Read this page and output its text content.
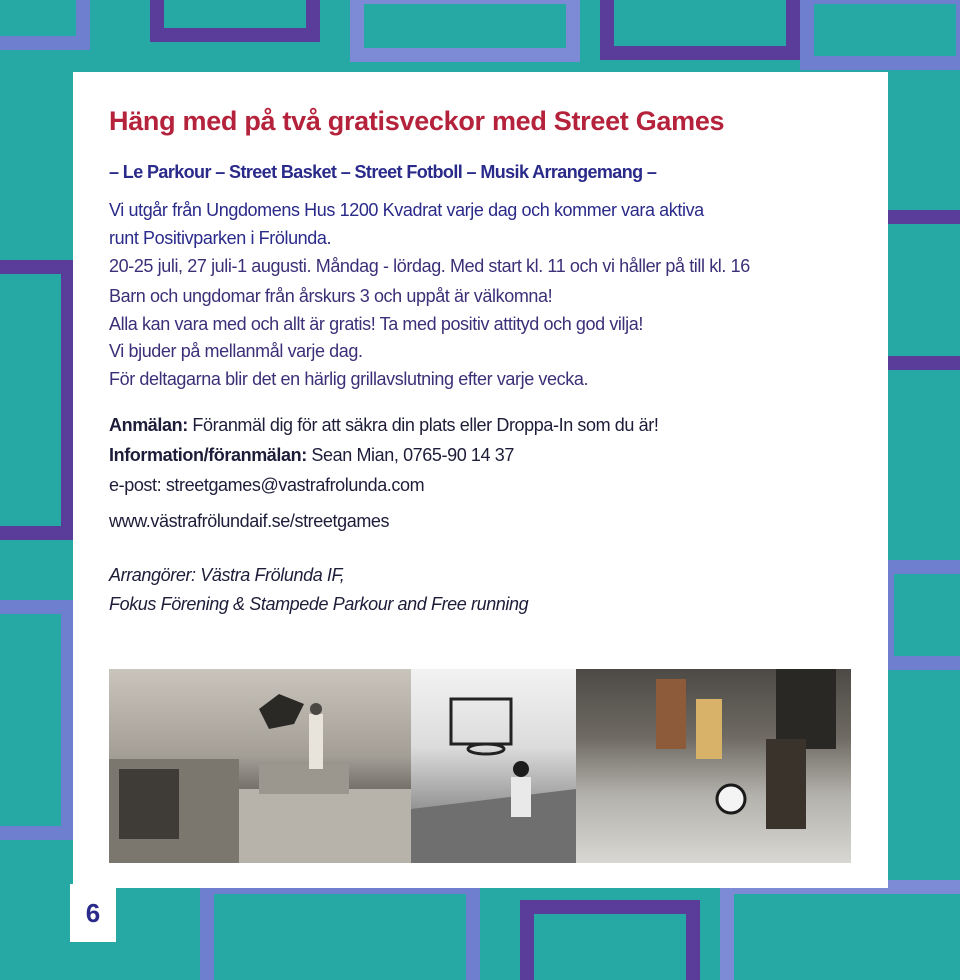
Häng med på två gratisveckor med Street Games

– Le Parkour – Street Basket – Street Fotboll – Musik Arrangemang –

Vi utgår från Ungdomens Hus 1200 Kvadrat varje dag och kommer vara aktiva
runt Positivparken i Frölunda.
20-25 juli, 27 juli-1 augusti. Måndag - lördag. Med start kl. 11 och vi håller på till kl. 16
Barn och ungdomar från årskurs 3 och uppåt är välkomna!
Alla kan vara med och allt är gratis! Ta med positiv attityd och god vilja!
Vi bjuder på mellanmål varje dag.
För deltagarna blir det en härlig grillavslutning efter varje vecka.
Anmälan: Föranmäl dig för att säkra din plats eller Droppa-In som du är!
Information/föranmälan: Sean Mian, 0765-90 14 37
e-post: streetgames@vastrafrolunda.com
www.västrafrölundaif.se/streetgames
Arrangörer: Västra Frölunda IF,
Fokus Förening & Stampede Parkour and Free running
6
